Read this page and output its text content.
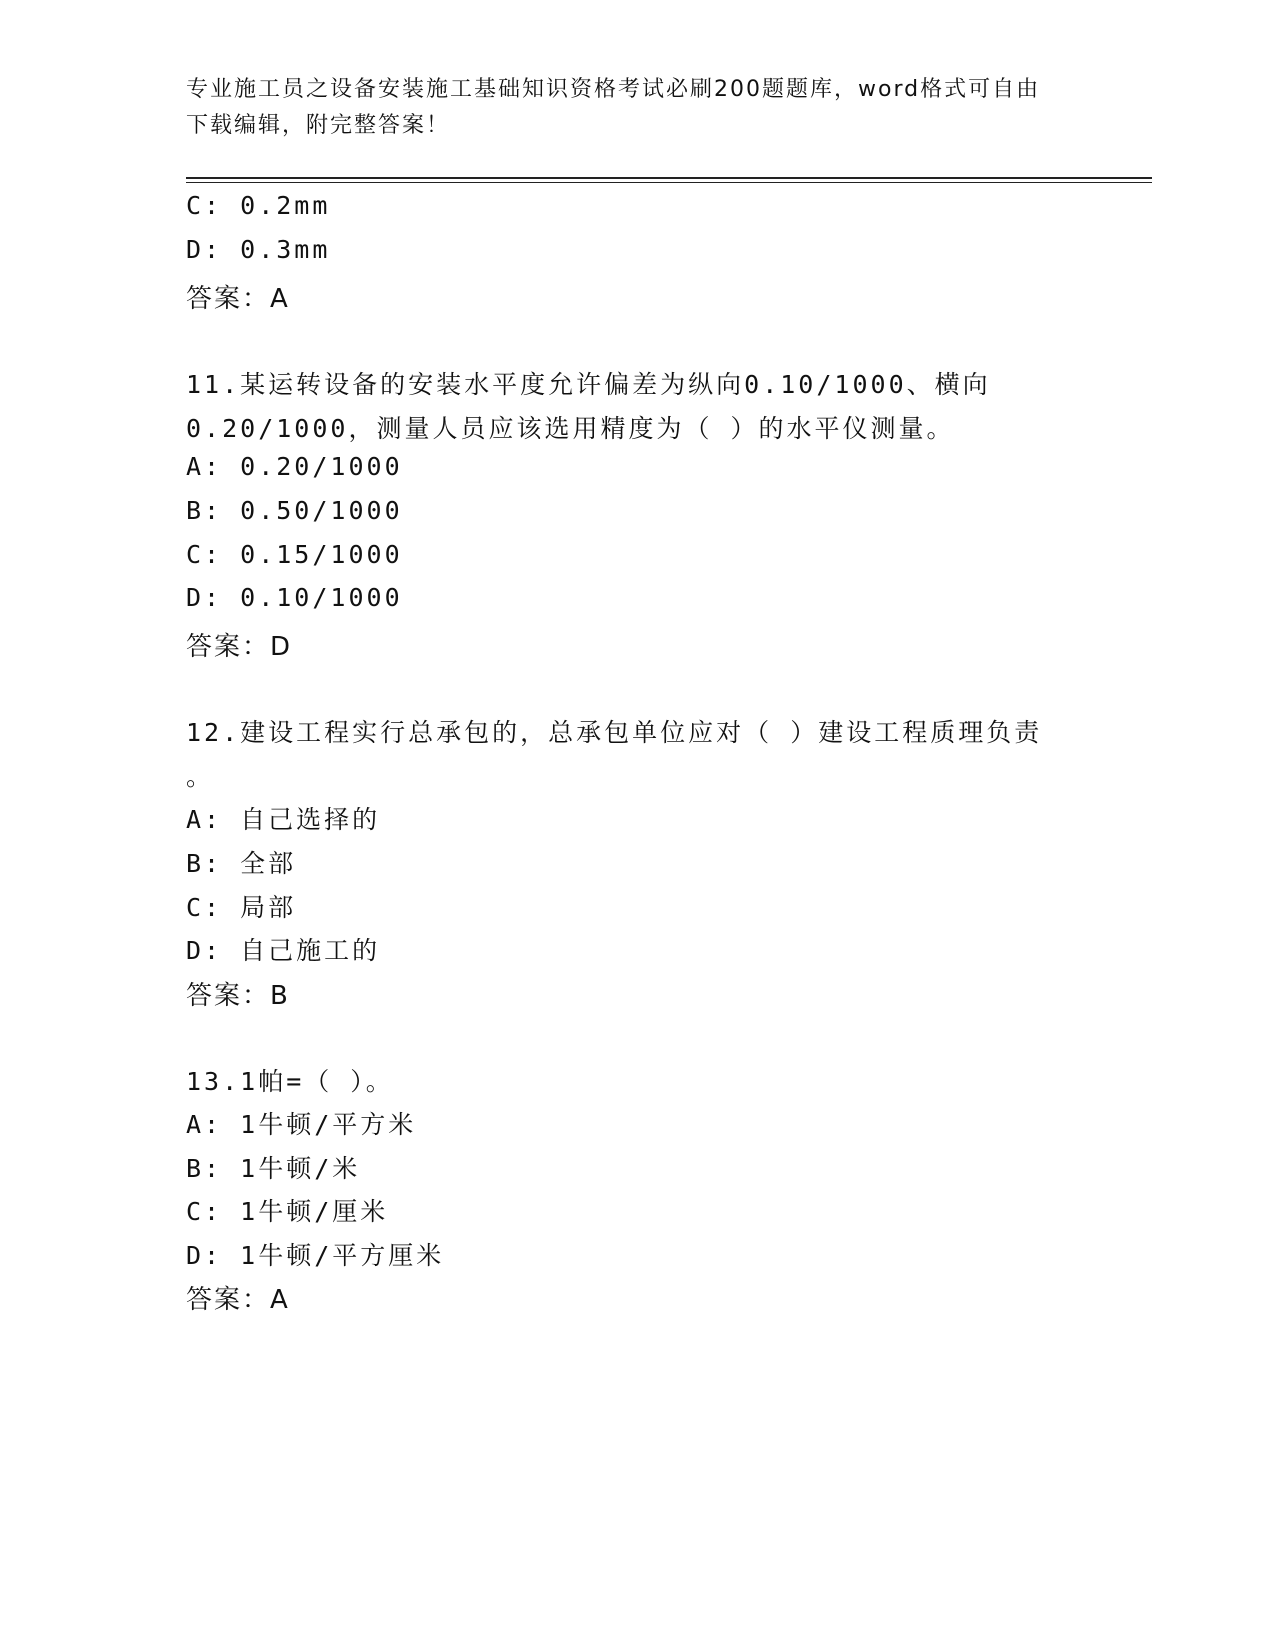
专业施工员之设备安装施工基础知识资格考试必刷200题题库，word格式可自由
下载编辑，附完整答案！
C: 0.2mm
D: 0.3mm
答案：A
11.某运转设备的安装水平度允许偏差为纵向0.10/1000、横向
0.20/1000，测量人员应该选用精度为（ ）的水平仪测量。
A: 0.20/1000
B: 0.50/1000
C: 0.15/1000
D: 0.10/1000
答案：D
12.建设工程实行总承包的，总承包单位应对（ ）建设工程质理负责
。
A: 自己选择的
B: 全部
C: 局部
D: 自己施工的
答案：B
13.1帕=（ ）。
A: 1牛顿/平方米
B: 1牛顿/米
C: 1牛顿/厘米
D: 1牛顿/平方厘米
答案：A
